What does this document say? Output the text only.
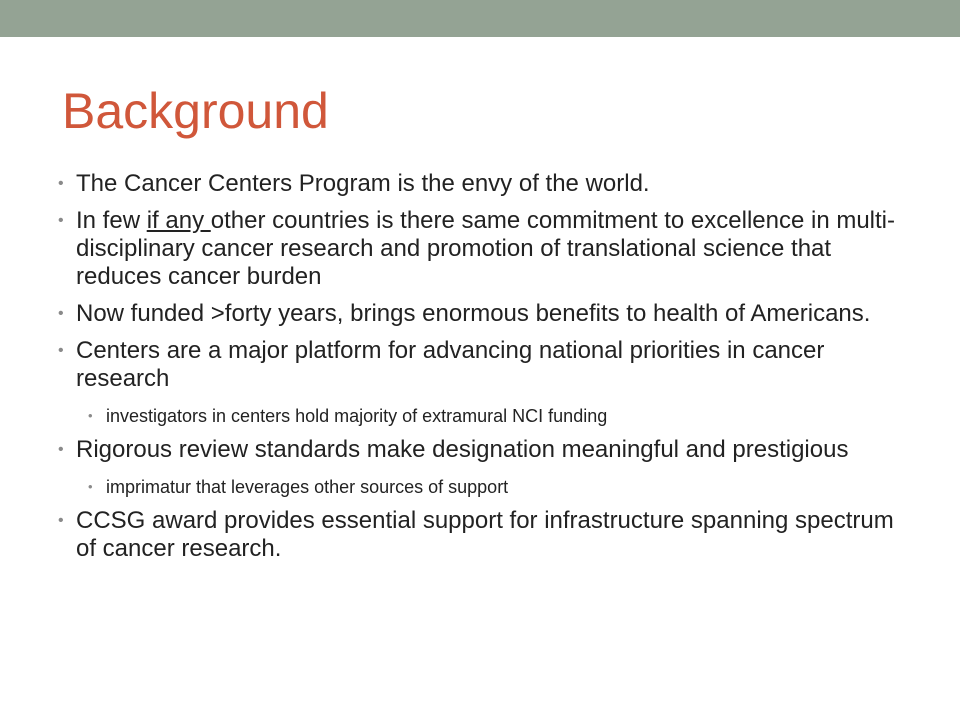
Background
• The Cancer Centers Program is the envy of the world.
• In few if any other countries is there same commitment to excellence in multi-disciplinary cancer research and promotion of translational science that reduces cancer burden
• Now funded >forty years, brings enormous benefits to health of Americans.
• Centers are a major platform for advancing national priorities in cancer research
• investigators in centers hold majority of extramural NCI funding
• Rigorous review standards make designation meaningful and prestigious
• imprimatur that leverages other sources of support
• CCSG award provides essential support for infrastructure spanning spectrum of cancer research.
